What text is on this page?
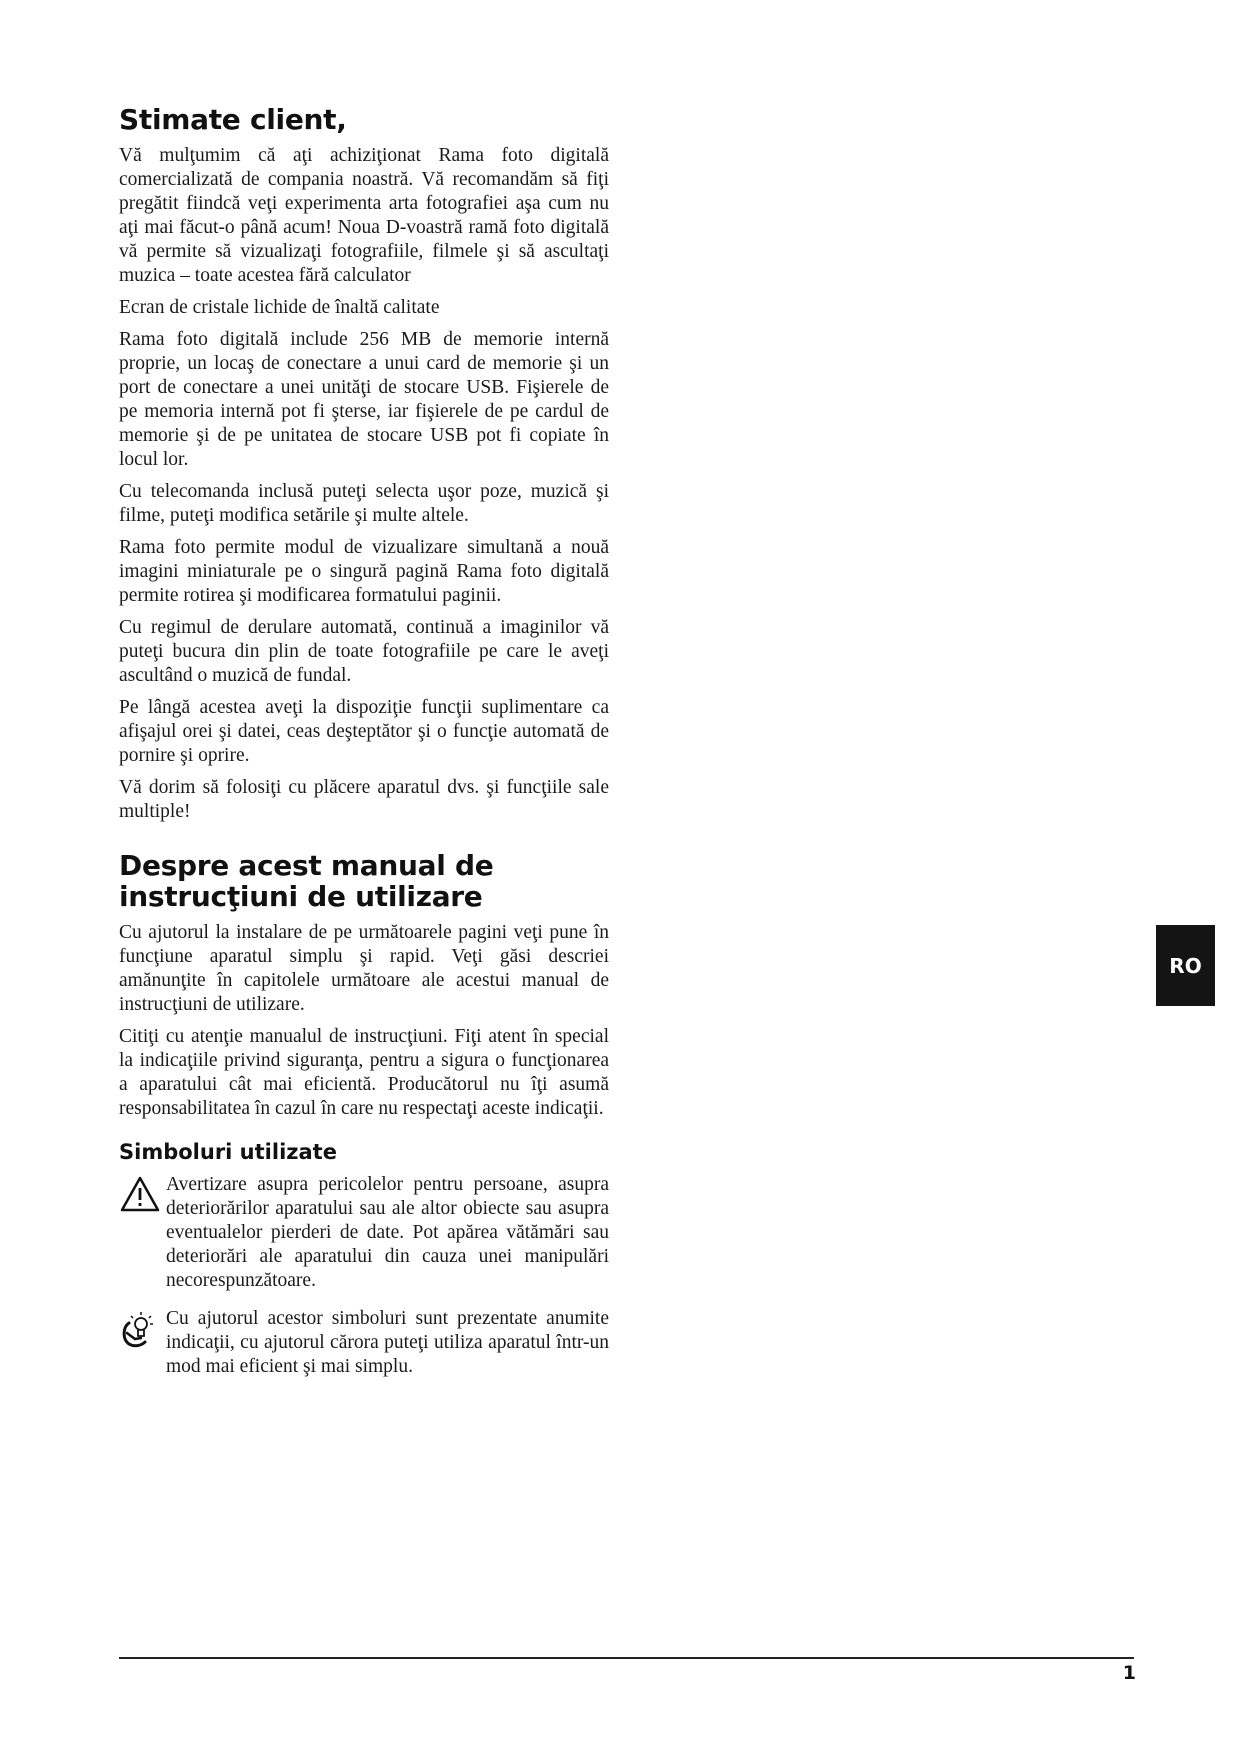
Stimate client,

Vă mulţumim că aţi achiziţionat Rama foto digitală comercializată de compania noastră. Vă recomandăm să fiţi pregătit fiindcă veţi experimenta arta fotografiei aşa cum nu aţi mai făcut-o până acum! Noua D-voastră ramă foto digitală vă permite să vizualizaţi fotografiile, filmele şi să ascultaţi muzica – toate acestea fără calculator

Ecran de cristale lichide de înaltă calitate

Rama foto digitală include 256 MB de memorie internă proprie, un locaş de conectare a unui card de memorie şi un port de conectare a unei unităţi de stocare USB. Fişierele de pe memoria internă pot fi şterse, iar fişierele de pe cardul de memorie şi de pe unitatea de stocare USB pot fi copiate în locul lor.

Cu telecomanda inclusă puteţi selecta uşor poze, muzică şi filme, puteţi modifica setările şi multe altele.

Rama foto permite modul de vizualizare simultană a nouă imagini miniaturale pe o singură pagină Rama foto digitală permite rotirea şi modificarea formatului paginii.

Cu regimul de derulare automată, continuă a imaginilor vă puteţi bucura din plin de toate fotografiile pe care le aveţi ascultând o muzică de fundal.

Pe lângă acestea aveţi la dispoziţie funcţii suplimentare ca afişajul orei şi datei, ceas deşteptător şi o funcţie automată de pornire şi oprire.

Vă dorim să folosiţi cu plăcere aparatul dvs. şi funcţiile sale multiple!

Despre acest manual de
instrucţiuni de utilizare

Cu ajutorul la instalare de pe următoarele pagini veţi pune în funcţiune aparatul simplu şi rapid. Veţi găsi descriei amănunţite în capitolele următoare ale acestui manual de instrucţiuni de utilizare.

Citiţi cu atenţie manualul de instrucţiuni. Fiţi atent în special la indicaţiile privind siguranţa, pentru a sigura o funcţionarea a aparatului cât mai eficientă. Producătorul nu îţi asumă responsabilitatea în cazul în care nu respectaţi aceste indicaţii.

Simboluri utilizate

Avertizare asupra pericolelor pentru persoane, asupra deteriorărilor aparatului sau ale altor obiecte sau asupra eventualelor pierderi de date. Pot apărea vătămări sau deteriorări ale aparatului din cauza unei manipulări necorespunzătoare.

Cu ajutorul acestor simboluri sunt prezentate anumite indicaţii, cu ajutorul cărora puteţi utiliza aparatul într-un mod mai eficient şi mai simplu.

RO
1
